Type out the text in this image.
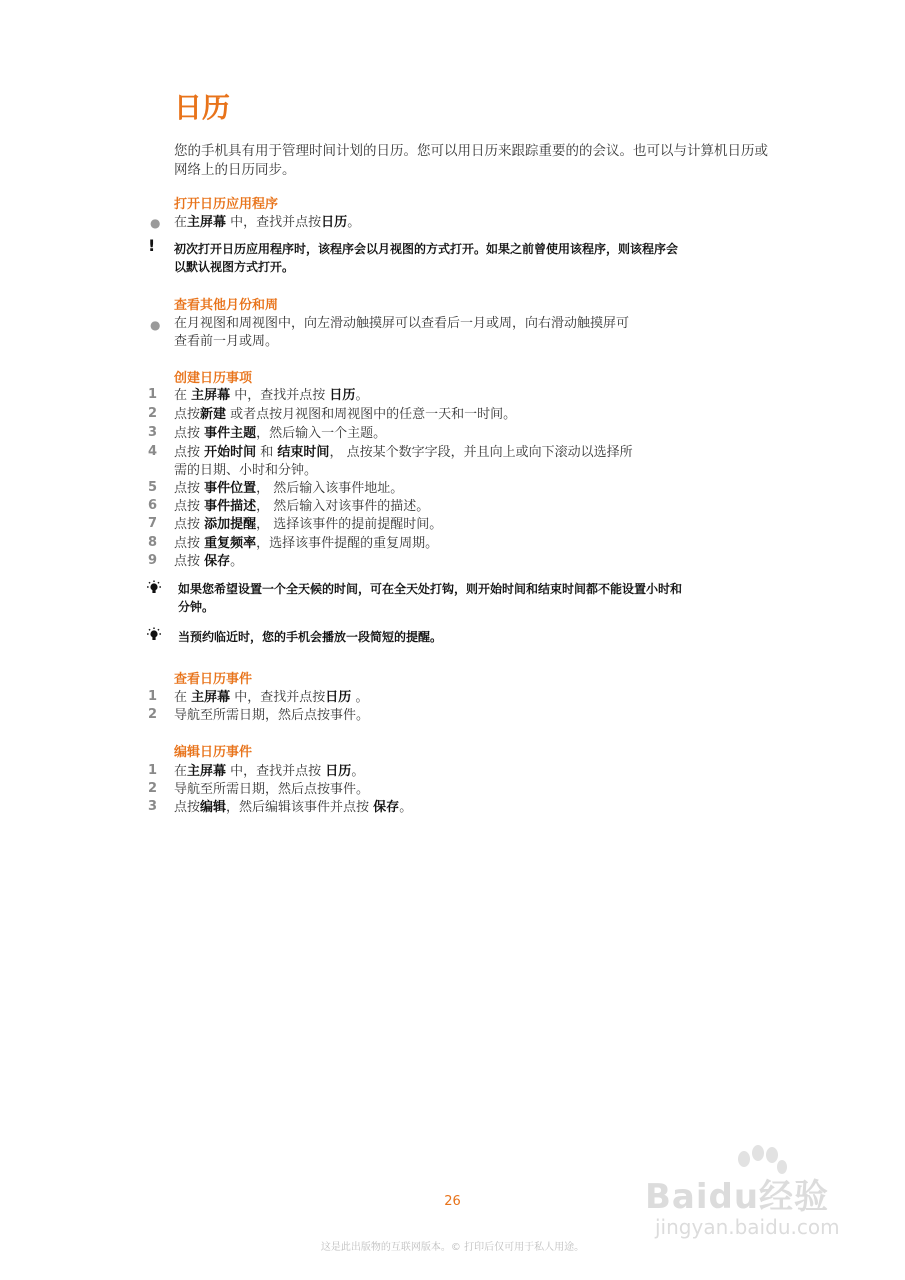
日历
您的手机具有用于管理时间计划的日历。您可以用日历来跟踪重要的的会议。也可以与计算机日历或网络上的日历同步。
打开日历应用程序
● 在主屏幕 中，查找并点按日历。
! 初次打开日历应用程序时，该程序会以月视图的方式打开。如果之前曾使用该程序，则该程序会
以默认视图方式打开。
查看其他月份和周
● 在月视图和周视图中，向左滑动触摸屏可以查看后一月或周，向右滑动触摸屏可
查看前一月或周。
创建日历事项
1 在 主屏幕 中，查找并点按 日历。
2 点按新建 或者点按月视图和周视图中的任意一天和一时间。
3 点按 事件主题，然后输入一个主题。
4 点按 开始时间 和 结束时间， 点按某个数字字段，并且向上或向下滚动以选择所
需的日期、小时和分钟。
5 点按 事件位置， 然后输入该事件地址。
6 点按 事件描述， 然后输入对该事件的描述。
7 点按 添加提醒， 选择该事件的提前提醒时间。
8 点按 重复频率，选择该事件提醒的重复周期。
9 点按 保存。
如果您希望设置一个全天候的时间，可在全天处打钩，则开始时间和结束时间都不能设置小时和
分钟。
当预约临近时，您的手机会播放一段简短的提醒。
查看日历事件
1 在 主屏幕 中，查找并点按日历 。
2 导航至所需日期，然后点按事件。
编辑日历事件
1 在主屏幕 中，查找并点按 日历。
2 导航至所需日期，然后点按事件。
3 点按编辑，然后编辑该事件并点按 保存。
Baidu经验
jingyan.baidu.com
26
这是此出版物的互联网版本。© 打印后仅可用于私人用途。
